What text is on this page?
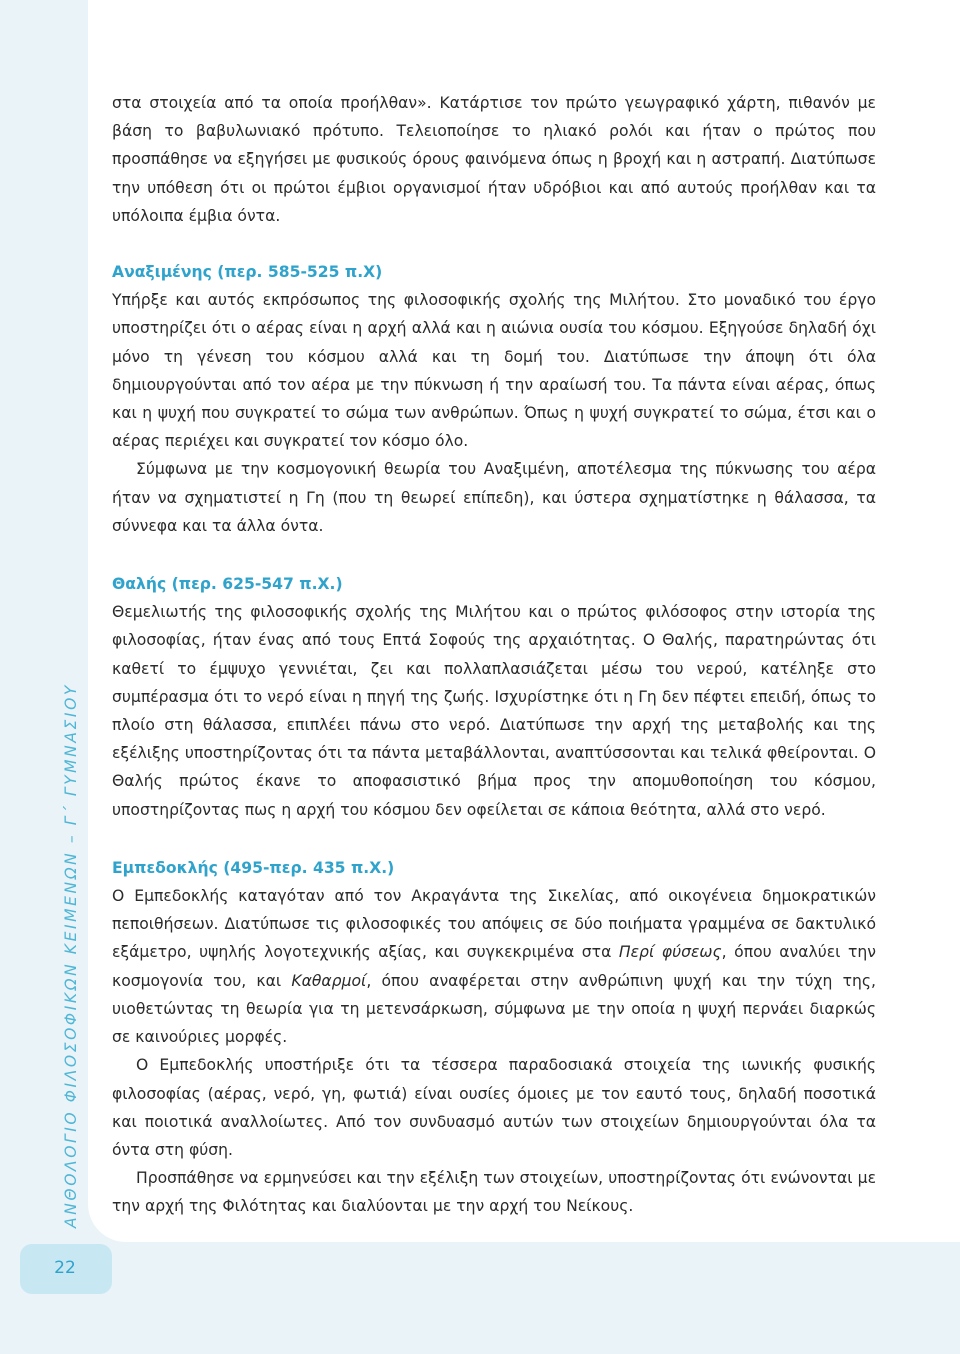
ΑΝΘΟΛΟΓΙΟ ΦΙΛΟΣΟΦΙΚΩΝ ΚΕΙΜΕΝΩΝ – Γ΄ ΓΥΜΝΑΣΙΟΥ
22

στα στοιχεία από τα οποία προήλθαν». Κατάρτισε τον πρώτο γεωγραφικό χάρτη, πιθανόν με βάση το βαβυλωνιακό πρότυπο. Τελειοποίησε το ηλιακό ρολόι και ήταν ο πρώτος που προσπάθησε να εξηγήσει με φυσικούς όρους φαινόμενα όπως η βροχή και η αστραπή. Διατύπωσε την υπόθεση ότι οι πρώτοι έμβιοι οργανισμοί ήταν υδρόβιοι και από αυτούς προήλθαν και τα υπόλοιπα έμβια όντα.

Αναξιμένης (περ. 585-525 π.Χ)

Υπήρξε και αυτός εκπρόσωπος της φιλοσοφικής σχολής της Μιλήτου. Στο μοναδικό του έργο υποστηρίζει ότι ο αέρας είναι η αρχή αλλά και η αιώνια ουσία του κόσμου. Εξηγούσε δηλαδή όχι μόνο τη γένεση του κόσμου αλλά και τη δομή του. Διατύπωσε την άποψη ότι όλα δημιουργούνται από τον αέρα με την πύκνωση ή την αραίωσή του. Τα πάντα είναι αέρας, όπως και η ψυχή που συγκρατεί το σώμα των ανθρώπων. Όπως η ψυχή συγκρατεί το σώμα, έτσι και ο αέρας περιέχει και συγκρατεί τον κόσμο όλο.

Σύμφωνα με την κοσμογονική θεωρία του Αναξιμένη, αποτέλεσμα της πύκνωσης του αέρα ήταν να σχηματιστεί η Γη (που τη θεωρεί επίπεδη), και ύστερα σχηματίστηκε η θάλασσα, τα σύννεφα και τα άλλα όντα.

Θαλής (περ. 625-547 π.Χ.)

Θεμελιωτής της φιλοσοφικής σχολής της Μιλήτου και ο πρώτος φιλόσοφος στην ιστορία της φιλοσοφίας, ήταν ένας από τους Επτά Σοφούς της αρχαιότητας. Ο Θαλής, παρατηρώντας ότι καθετί το έμψυχο γεννιέται, ζει και πολλαπλασιάζεται μέσω του νερού, κατέληξε στο συμπέρασμα ότι το νερό είναι η πηγή της ζωής. Ισχυρίστηκε ότι η Γη δεν πέφτει επειδή, όπως το πλοίο στη θάλασσα, επιπλέει πάνω στο νερό. Διατύπωσε την αρχή της μεταβολής και της εξέλιξης υποστηρίζοντας ότι τα πάντα μεταβάλλονται, αναπτύσσονται και τελικά φθείρονται. Ο Θαλής πρώτος έκανε το αποφασιστικό βήμα προς την απομυθοποίηση του κόσμου, υποστηρίζοντας πως η αρχή του κόσμου δεν οφείλεται σε κάποια θεότητα, αλλά στο νερό.

Εμπεδοκλής (495-περ. 435 π.Χ.)

Ο Εμπεδοκλής καταγόταν από τον Ακραγάντα της Σικελίας, από οικογένεια δημοκρατικών πεποιθήσεων. Διατύπωσε τις φιλοσοφικές του απόψεις σε δύο ποιήματα γραμμένα σε δακτυλικό εξάμετρο, υψηλής λογοτεχνικής αξίας, και συγκεκριμένα στα Περί φύσεως, όπου αναλύει την κοσμογονία του, και Καθαρμοί, όπου αναφέρεται στην ανθρώπινη ψυχή και την τύχη της, υιοθετώντας τη θεωρία για τη μετενσάρκωση, σύμφωνα με την οποία η ψυχή περνάει διαρκώς σε καινούριες μορφές.

Ο Εμπεδοκλής υποστήριξε ότι τα τέσσερα παραδοσιακά στοιχεία της ιωνικής φυσικής φιλοσοφίας (αέρας, νερό, γη, φωτιά) είναι ουσίες όμοιες με τον εαυτό τους, δηλαδή ποσοτικά και ποιοτικά αναλλοίωτες. Από τον συνδυασμό αυτών των στοιχείων δημιουργούνται όλα τα όντα στη φύση.

Προσπάθησε να ερμηνεύσει και την εξέλιξη των στοιχείων, υποστηρίζοντας ότι ενώνονται με την αρχή της Φιλότητας και διαλύονται με την αρχή του Νείκους.
